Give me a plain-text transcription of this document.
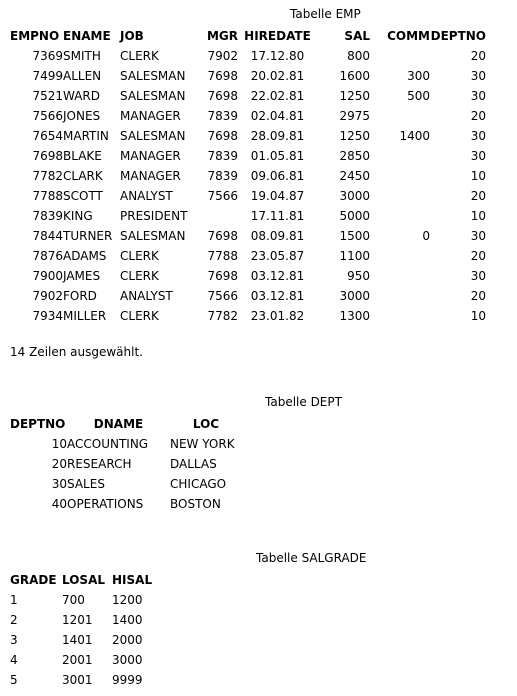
Tabelle EMP
EMPNO	ENAME	JOB	MGR	HIREDATE	SAL	COMM	DEPTNO
7369	SMITH	CLERK	7902	17.12.80	800		20
7499	ALLEN	SALESMAN	7698	20.02.81	1600	300	30
7521	WARD	SALESMAN	7698	22.02.81	1250	500	30
7566	JONES	MANAGER	7839	02.04.81	2975		20
7654	MARTIN	SALESMAN	7698	28.09.81	1250	1400	30
7698	BLAKE	MANAGER	7839	01.05.81	2850		30
7782	CLARK	MANAGER	7839	09.06.81	2450		10
7788	SCOTT	ANALYST	7566	19.04.87	3000		20
7839	KING	PRESIDENT		17.11.81	5000		10
7844	TURNER	SALESMAN	7698	08.09.81	1500	0	30
7876	ADAMS	CLERK	7788	23.05.87	1100		20
7900	JAMES	CLERK	7698	03.12.81	950		30
7902	FORD	ANALYST	7566	03.12.81	3000		20
7934	MILLER	CLERK	7782	23.01.82	1300		10
14 Zeilen ausgewählt.
Tabelle DEPT
DEPTNO	DNAME	LOC
10	ACCOUNTING	NEW YORK
20	RESEARCH	DALLAS
30	SALES	CHICAGO
40	OPERATIONS	BOSTON
Tabelle SALGRADE
GRADE	LOSAL	HISAL
1	700	1200
2	1201	1400
3	1401	2000
4	2001	3000
5	3001	9999
